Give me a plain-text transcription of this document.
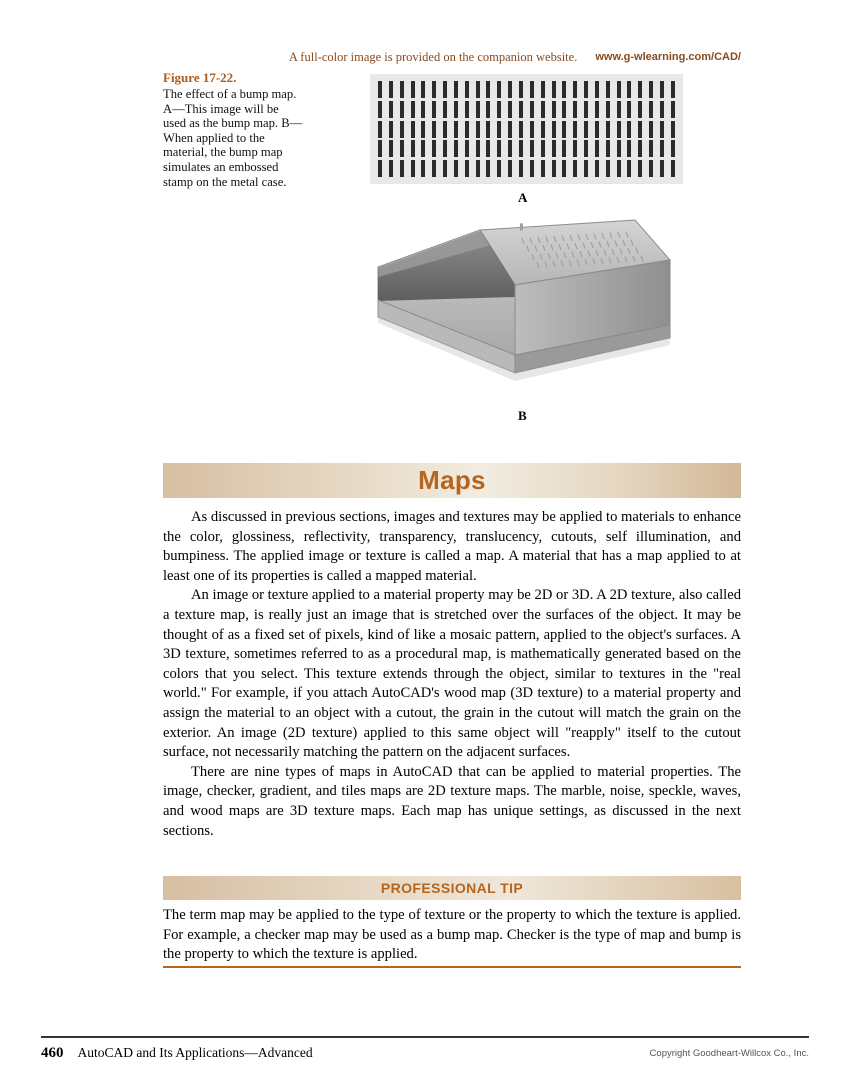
A full-color image is provided on the companion website. www.g-wlearning.com/CAD/
Figure 17-22.
The effect of a bump map. A—This image will be used as the bump map. B—When applied to the material, the bump map simulates an embossed stamp on the metal case.
A
B
Maps

As discussed in previous sections, images and textures may be applied to materials to enhance the color, glossiness, reflectivity, transparency, translucency, cutouts, self illumination, and bumpiness. The applied image or texture is called a map. A material that has a map applied to at least one of its properties is called a mapped material.

An image or texture applied to a material property may be 2D or 3D. A 2D texture, also called a texture map, is really just an image that is stretched over the surfaces of the object. It may be thought of as a fixed set of pixels, kind of like a mosaic pattern, applied to the object's surfaces. A 3D texture, sometimes referred to as a procedural map, is mathematically generated based on the colors that you select. This texture extends through the object, similar to textures in the "real world." For example, if you attach AutoCAD's wood map (3D texture) to a material property and assign the material to an object with a cutout, the grain in the cutout will match the grain on the exterior. An image (2D texture) applied to this same object will "reapply" itself to the cutout surface, not necessarily matching the pattern on the adjacent surfaces.

There are nine types of maps in AutoCAD that can be applied to material properties. The image, checker, gradient, and tiles maps are 2D texture maps. The marble, noise, speckle, waves, and wood maps are 3D texture maps. Each map has unique settings, as discussed in the next sections.

PROFESSIONAL TIP
The term map may be applied to the type of texture or the property to which the texture is applied. For example, a checker map may be used as a bump map. Checker is the type of map and bump is the property to which the texture is applied.
460 AutoCAD and Its Applications—Advanced	Copyright Goodheart-Willcox Co., Inc.
